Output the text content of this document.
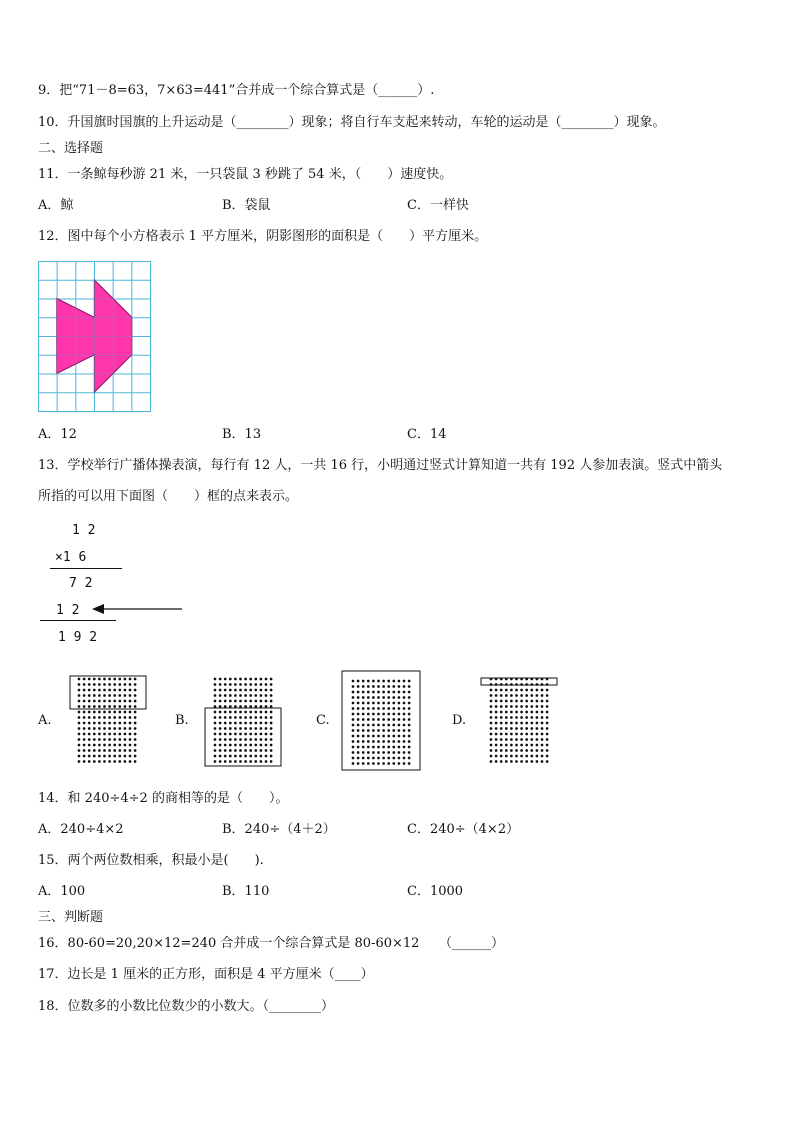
9．把“71－8=63，7×63=441”合并成一个综合算式是（______）.
10．升国旗时国旗的上升运动是（________）现象；将自行车支起来转动，车轮的运动是（________）现象。
二、选择题
11．一条鲸每秒游 21 米，一只袋鼠 3 秒跳了 54 米，（　　）速度快。
A．鲸	B．袋鼠	C．一样快
12．图中每个小方格表示 1 平方厘米，阴影图形的面积是（　　）平方厘米。
A．12	B．13	C．14
13．学校举行广播体操表演，每行有 12 人，一共 16 行，小明通过竖式计算知道一共有 192 人参加表演。竖式中箭头
所指的可以用下面图（　　）框的点来表示。
1 2
×1 6
7 2
1 2
1 9 2
A.	B.	C.	D.
14．和 240÷4÷2 的商相等的是（　　）。
A．240÷4×2	B．240÷（4＋2）	C．240÷（4×2）
15．两个两位数相乘，积最小是(　　).
A．100	B．110	C．1000
三、判断题
16．80-60=20,20×12=240 合并成一个综合算式是 80-60×12　　（______）
17．边长是 1 厘米的正方形，面积是 4 平方厘米（____）
18．位数多的小数比位数少的小数大。（________）
